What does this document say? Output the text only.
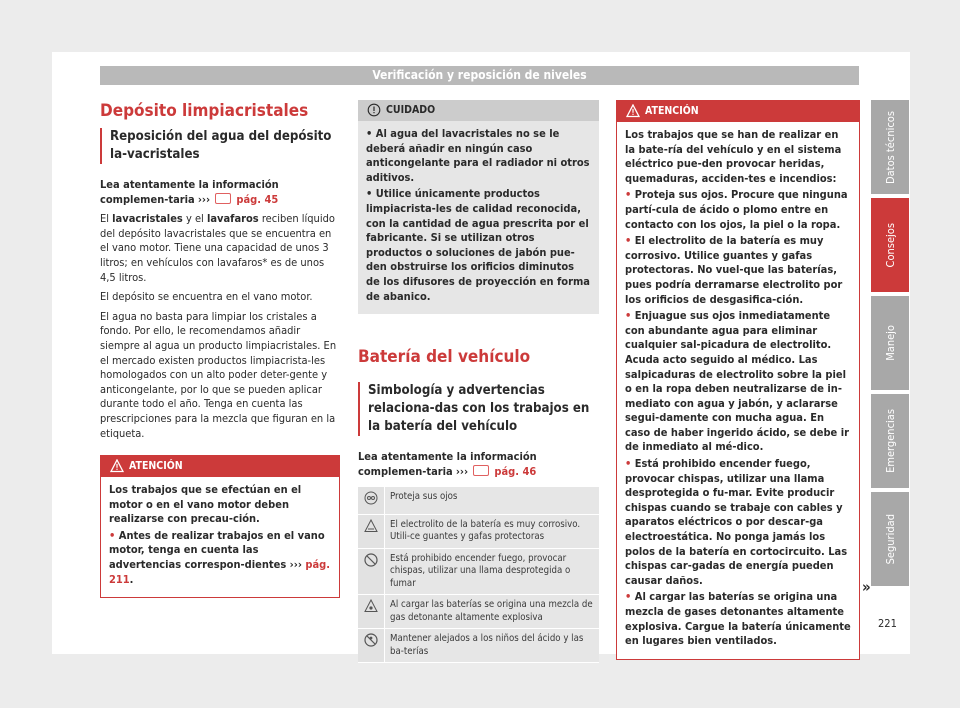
Verificación y reposición de niveles
Depósito limpiacristales
Reposición del agua del depósito la-vacristales

Lea atentamente la información complemen-taria ››› pág. 45

El lavacristales y el lavafaros reciben líquido del depósito lavacristales que se encuentra en el vano motor. Tiene una capacidad de unos 3 litros; en vehículos con lavafaros* es de unos 4,5 litros.

El depósito se encuentra en el vano motor.

El agua no basta para limpiar los cristales a fondo. Por ello, le recomendamos añadir siempre al agua un producto limpiacristales. En el mercado existen productos limpiacrista-les homologados con un alto poder deter-gente y anticongelante, por lo que se pueden aplicar durante todo el año. Tenga en cuenta las prescripciones para la mezcla que figuran en la etiqueta.

ATENCIÓN

Los trabajos que se efectúan en el motor o en el vano motor deben realizarse con precau-ción.

• Antes de realizar trabajos en el vano motor, tenga en cuenta las advertencias correspon-dientes ››› pág. 211.

CUIDADO

• Al agua del lavacristales no se le deberá añadir en ningún caso anticongelante para el radiador ni otros aditivos.

• Utilice únicamente productos limpiacrista-les de calidad reconocida, con la cantidad de agua prescrita por el fabricante. Si se utilizan otros productos o soluciones de jabón pue-den obstruirse los orificios diminutos de los difusores de proyección en forma de abanico.

Batería del vehículo
Simbología y advertencias relaciona-das con los trabajos en la batería del vehículo

Lea atentamente la información complemen-taria ››› pág. 46

	Proteja sus ojos
	El electrolito de la batería es muy corrosivo. Utili-ce guantes y gafas protectoras
	Está prohibido encender fuego, provocar chispas, utilizar una llama desprotegida o fumar
	Al cargar las baterías se origina una mezcla de gas detonante altamente explosiva
	Mantener alejados a los niños del ácido y las ba-terías
ATENCIÓN

Los trabajos que se han de realizar en la bate-ría del vehículo y en el sistema eléctrico pue-den provocar heridas, quemaduras, acciden-tes e incendios:

• Proteja sus ojos. Procure que ninguna partí-cula de ácido o plomo entre en contacto con los ojos, la piel o la ropa.

• El electrolito de la batería es muy corrosivo. Utilice guantes y gafas protectoras. No vuel-que las baterías, pues podría derramarse electrolito por los orificios de desgasifica-ción.

• Enjuague sus ojos inmediatamente con abundante agua para eliminar cualquier sal-picadura de electrolito. Acuda acto seguido al médico. Las salpicaduras de electrolito sobre la piel o en la ropa deben neutralizarse de in-mediato con agua y jabón, y aclararse segui-damente con mucha agua. En caso de haber ingerido ácido, se debe ir de inmediato al mé-dico.

• Está prohibido encender fuego, provocar chispas, utilizar una llama desprotegida o fu-mar. Evite producir chispas cuando se trabaje con cables y aparatos eléctricos o por descar-ga electroestática. No ponga jamás los polos de la batería en cortocircuito. Las chispas car-gadas de energía pueden causar daños.

• Al cargar las baterías se origina una mezcla de gases detonantes altamente explosiva. Cargue la batería únicamente en lugares bien ventilados.

»
Datos técnicos
Consejos
Manejo
Emergencias
Seguridad
221
